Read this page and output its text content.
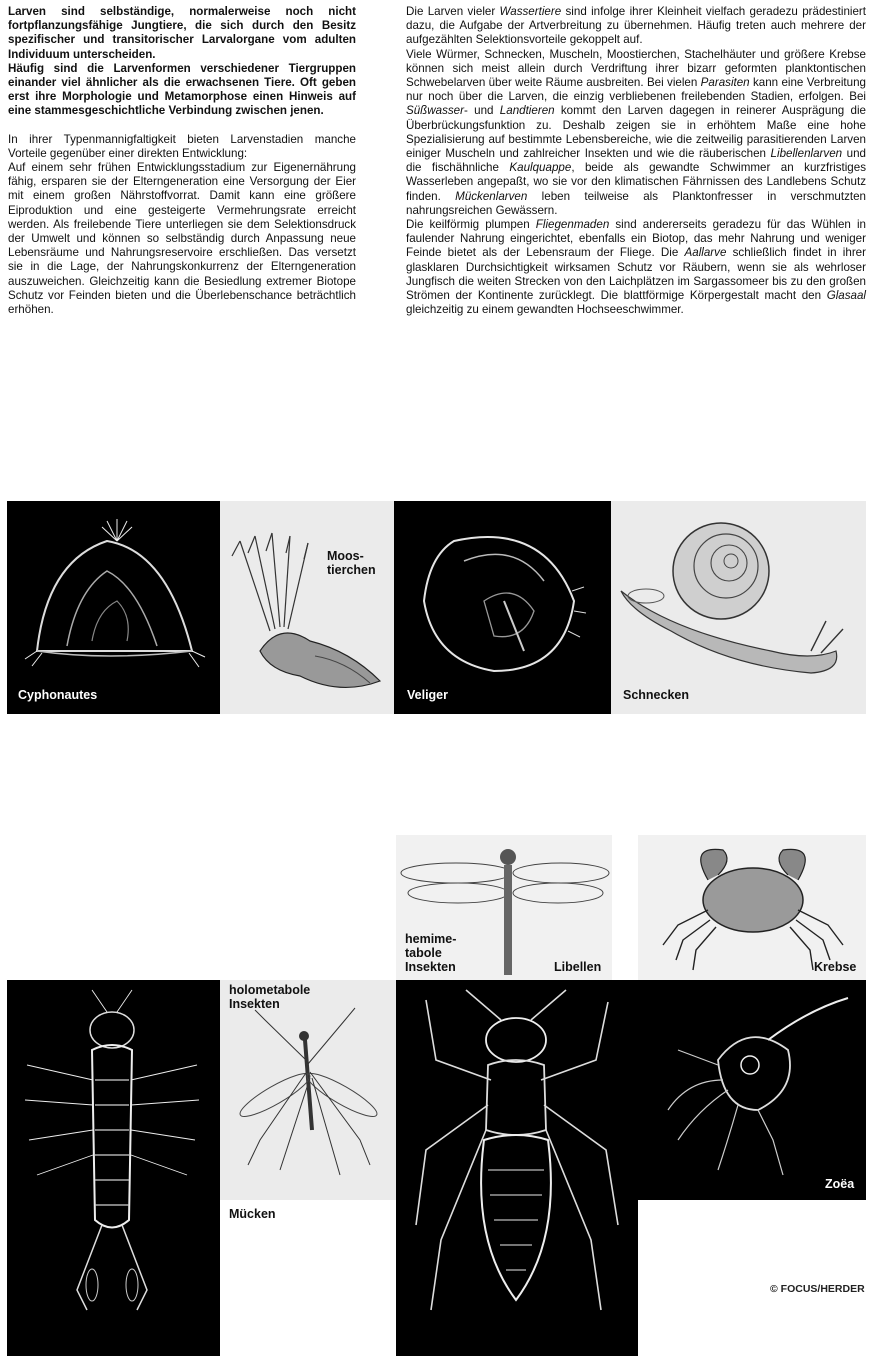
Larven sind selbständige, normalerweise noch nicht fortpflanzungsfähige Jungtiere, die sich durch den Besitz spezifischer und transitorischer Larvalorgane vom adulten Individuum unterscheiden.

Häufig sind die Larvenformen verschiedener Tiergruppen einander viel ähnlicher als die erwachsenen Tiere. Oft geben erst ihre Morphologie und Metamorphose einen Hinweis auf eine stammesgeschichtliche Verbindung zwischen jenen.

In ihrer Typenmannigfaltigkeit bieten Larvenstadien manche Vorteile gegenüber einer direkten Entwicklung:

Auf einem sehr frühen Entwicklungsstadium zur Eigenernährung fähig, ersparen sie der Elterngeneration eine Versorgung der Eier mit einem großen Nährstoffvorrat. Damit kann eine größere Eiproduktion und eine gesteigerte Vermehrungsrate erreicht werden. Als freilebende Tiere unterliegen sie dem Selektionsdruck der Umwelt und können so selbständig durch Anpassung neue Lebensräume und Nahrungsreservoire erschließen. Das versetzt sie in die Lage, der Nahrungskonkurrenz der Elterngeneration auszuweichen. Gleichzeitig kann die Besiedlung extremer Biotope Schutz vor Feinden bieten und die Überlebenschance beträchtlich erhöhen.

Die Larven vieler Wassertiere sind infolge ihrer Kleinheit vielfach geradezu prädestiniert dazu, die Aufgabe der Artverbreitung zu übernehmen. Häufig treten auch mehrere der aufgezählten Selektionsvorteile gekoppelt auf.

Viele Würmer, Schnecken, Muscheln, Moostierchen, Stachelhäuter und größere Krebse können sich meist allein durch Verdriftung ihrer bizarr geformten planktontischen Schwebelarven über weite Räume ausbreiten. Bei vielen Parasiten kann eine Verbreitung nur noch über die Larven, die einzig verbliebenen freilebenden Stadien, erfolgen. Bei Süßwasser- und Landtieren kommt den Larven dagegen in reinerer Ausprägung die Überbrückungsfunktion zu. Deshalb zeigen sie in erhöhtem Maße eine hohe Spezialisierung auf bestimmte Lebensbereiche, wie die zeitweilig parasitierenden Larven einiger Muscheln und zahlreicher Insekten und wie die räuberischen Libellenlarven und die fischähnliche Kaulquappe, beide als gewandte Schwimmer an kurzfristiges Wasserleben angepaßt, wo sie vor den klimatischen Fährnissen des Landlebens Schutz finden. Mückenlarven leben teilweise als Planktonfresser in verschmutzten nahrungsreichen Gewässern.

Die keilförmig plumpen Fliegenmaden sind andererseits geradezu für das Wühlen in faulender Nahrung eingerichtet, ebenfalls ein Biotop, das mehr Nahrung und weniger Feinde bietet als der Lebensraum der Fliege. Die Aallarve schließlich findet in ihrer glasklaren Durchsichtigkeit wirksamen Schutz vor Räubern, wenn sie als wehrloser Jungfisch die weiten Strecken von den Laichplätzen im Sargassomeer bis zu den großen Strömen der Kontinente zurücklegt. Die blattförmige Körpergestalt macht den Glasaal gleichzeitig zu einem gewandten Hochseeschwimmer.

Cyphonautes
Moos-
tierchen
Veliger	Schnecken
hemime-
tabole
Insekten	Libellen	Krebse
holometabole
Insekten
Mücken
Zoëa
© FOCUS/HERDER
